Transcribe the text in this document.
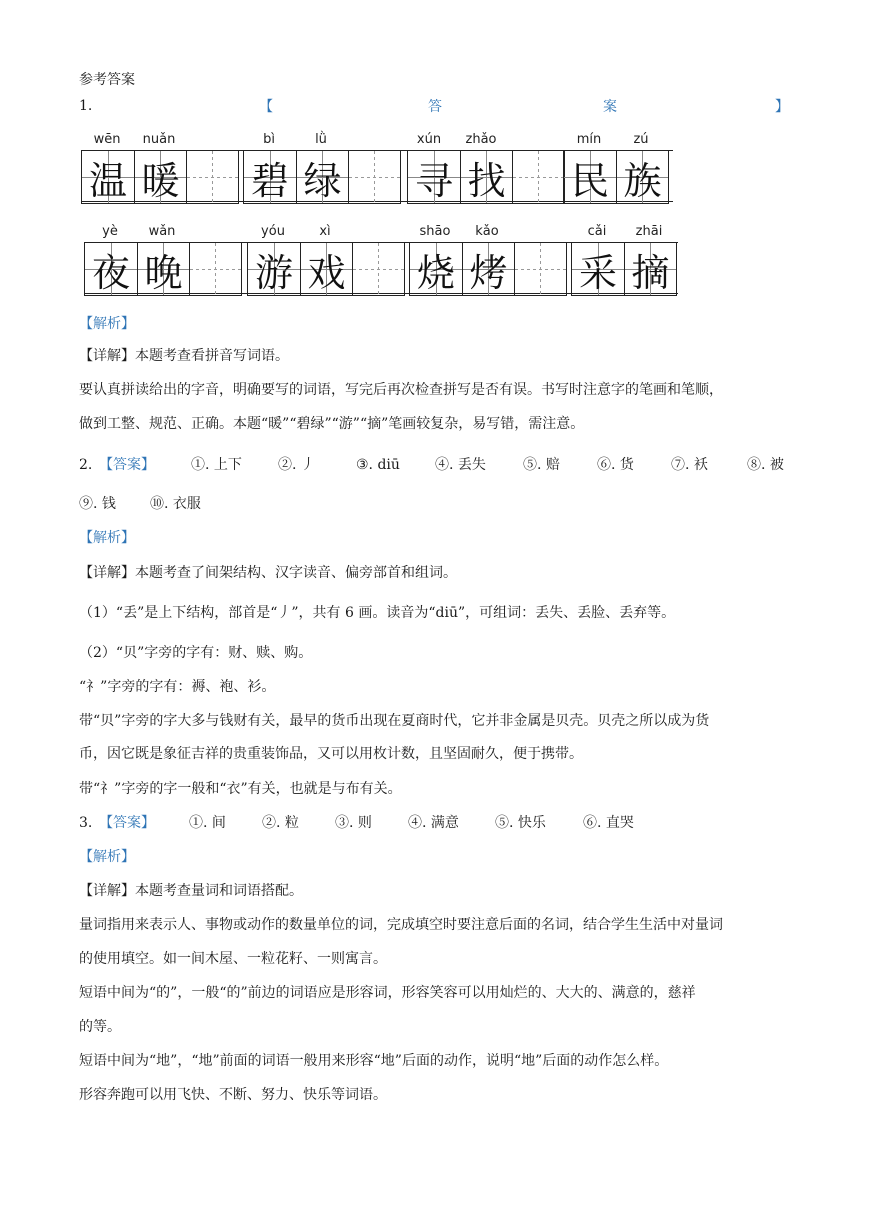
参考答案
1.	【	答	案	】
wēn nuǎn
温 暖
bì	lǜ
碧 绿
xún zhǎo
寻 找
mín zú
民 族
yè wǎn
夜 晚
yóu	xì
游 戏
shāo kǎo
烧 烤
cǎi zhāi
采 摘
【解析】
【详解】本题考查看拼音写词语。
要认真拼读给出的字音，明确要写的词语，写完后再次检查拼写是否有误。书写时注意字的笔画和笔顺，
做到工整、规范、正确。本题“暖”“碧绿”“游”“摘”笔画较复杂，易写错，需注意。
2. 【答案】	①. 上下	②. 丿	③. diū	④. 丢失	⑤. 赔	⑥. 货	⑦. 袄	⑧. 被
⑨. 钱 ⑩. 衣服
【解析】
【详解】本题考查了间架结构、汉字读音、偏旁部首和组词。
（1）“丢”是上下结构，部首是“丿”，共有 6 画。读音为“diū”，可组词：丢失、丢脸、丢弃等。
（2）“贝”字旁的字有：财、赎、购。
“礻”字旁的字有：褥、袍、衫。
带“贝”字旁的字大多与钱财有关，最早的货币出现在夏商时代，它并非金属是贝壳。贝壳之所以成为货
币，因它既是象征吉祥的贵重装饰品，又可以用枚计数，且坚固耐久，便于携带。
带“礻”字旁的字一般和“衣”有关，也就是与布有关。
3. 【答案】 ①. 间	②. 粒	③. 则	④. 满意	⑤. 快乐	⑥. 直哭
【解析】
【详解】本题考查量词和词语搭配。
量词指用来表示人、事物或动作的数量单位的词，完成填空时要注意后面的名词，结合学生生活中对量词
的使用填空。如一间木屋、一粒花籽、一则寓言。
短语中间为“的”，一般“的”前边的词语应是形容词，形容笑容可以用灿烂的、大大的、满意的，慈祥
的等。
短语中间为“地”，“地”前面的词语一般用来形容“地”后面的动作，说明“地”后面的动作怎么样。
形容奔跑可以用飞快、不断、努力、快乐等词语。
